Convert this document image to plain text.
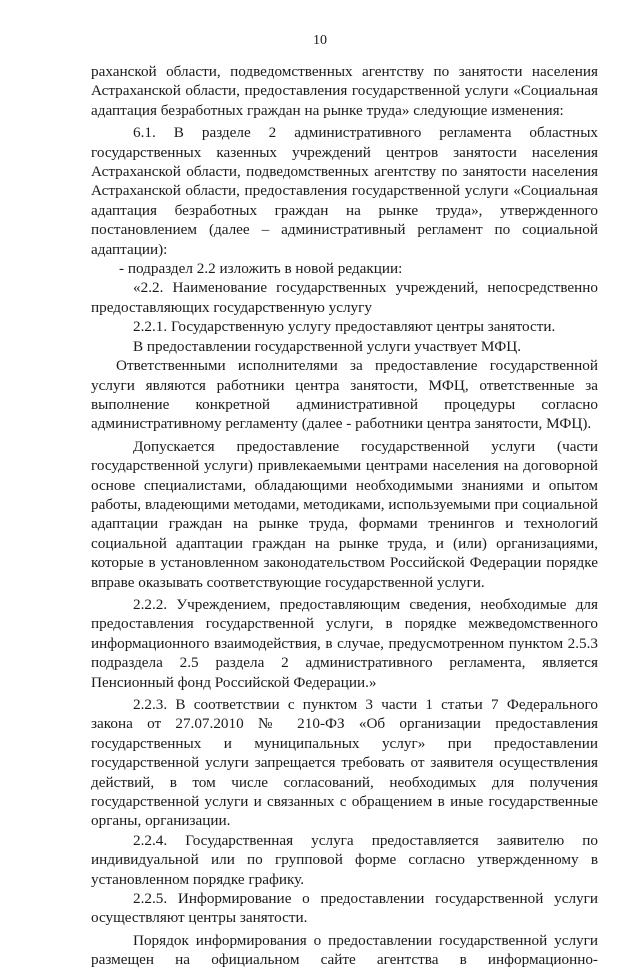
10

раханской области, подведомственных агентству по занятости населения Астраханской области, предоставления государственной услуги «Социальная адаптация безработных граждан на рынке труда» следующие изменения:

6.1. В разделе 2 административного регламента областных государственных казенных учреждений центров занятости населения Астраханской области, подведомственных агентству по занятости населения Астраханской области, предоставления государственной услуги «Социальная адаптация безработных граждан на рынке труда», утвержденного постановлением (далее – административный регламент по социальной адаптации):

- подраздел 2.2 изложить в новой редакции:

«2.2. Наименование государственных учреждений, непосредственно предоставляющих государственную услугу

2.2.1. Государственную услугу предоставляют центры занятости.

В предоставлении государственной услуги участвует МФЦ.

Ответственными исполнителями за предоставление государственной услуги являются работники центра занятости, МФЦ, ответственные за выполнение конкретной административной процедуры согласно административному регламенту (далее - работники центра занятости, МФЦ).

Допускается предоставление государственной услуги (части государственной услуги) привлекаемыми центрами населения на договорной основе специалистами, обладающими необходимыми знаниями и опытом работы, владеющими методами, методиками, используемыми при социальной адаптации граждан на рынке труда, формами тренингов и технологий социальной адаптации граждан на рынке труда, и (или) организациями, которые в установленном законодательством Российской Федерации порядке вправе оказывать соответствующие государственной услуги.

2.2.2. Учреждением, предоставляющим сведения, необходимые для предоставления государственной услуги, в порядке межведомственного информационного взаимодействия, в случае, предусмотренном пунктом 2.5.3 подраздела 2.5 раздела 2 административного регламента, является Пенсионный фонд Российской Федерации.»

2.2.3. В соответствии с пунктом 3 части 1 статьи 7 Федерального закона от 27.07.2010 № 210-ФЗ «Об организации предоставления государственных и муниципальных услуг» при предоставлении государственной услуги запрещается требовать от заявителя осуществления действий, в том числе согласований, необходимых для получения государственной услуги и связанных с обращением в иные государственные органы, организации.

2.2.4. Государственная услуга предоставляется заявителю по индивидуальной или по групповой форме согласно утвержденному в установленном порядке графику.

2.2.5. Информирование о предоставлении государственной услуги осуществляют центры занятости.

Порядок информирования о предоставлении государственной услуги размещен на официальном сайте агентства в информационно-
